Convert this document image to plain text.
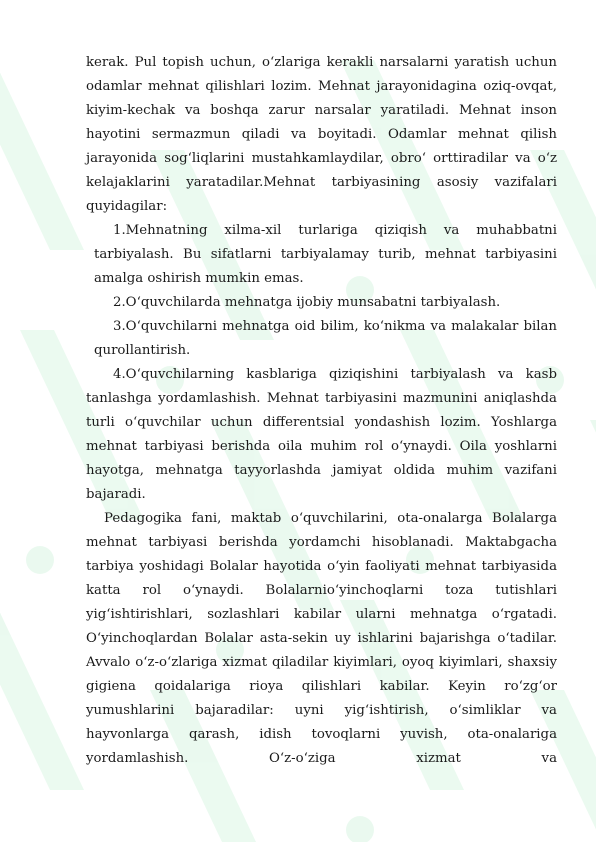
kerak. Pul topish uchun, o‘zlariga kerakli narsalarni yaratish uchun odamlar mehnat qilishlari lozim. Mehnat jarayonidagina oziq-ovqat, kiyim-kechak va boshqa zarur narsalar yaratiladi. Mehnat inson hayotini sermazmun qiladi va boyitadi. Odamlar mehnat qilish jarayonida sog‘liqlarini mustahkamlaydilar, obro‘ orttiradilar va o‘z kelajaklarini yaratadilar.Mehnat tarbiyasining asosiy vazifalari quyidagilar:

1.Mehnatning xilma-xil turlariga qiziqish va muhabbatni tarbiyalash. Bu sifatlarni tarbiyalamay turib, mehnat tarbiyasini amalga oshirish mumkin emas.

2.O‘quvchilarda mehnatga ijobiy munsabatni tarbiyalash.

3.O‘quvchilarni mehnatga oid bilim, ko‘nikma va malakalar bilan qurollantirish.

4.O‘quvchilarning kasblariga qiziqishini tarbiyalash va kasb tanlashga yordamlashish. Mehnat tarbiyasini mazmunini aniqlashda turli o‘quvchilar uchun differentsial yondashish lozim. Yoshlarga mehnat tarbiyasi berishda oila muhim rol o‘ynaydi. Oila yoshlarni hayotga, mehnatga tayyorlashda jamiyat oldida muhim vazifani bajaradi.

Pedagogika fani, maktab o‘quvchilarini, ota-onalarga Bolalarga mehnat tarbiyasi berishda yordamchi hisoblanadi. Maktabgacha tarbiya yoshidagi Bolalar hayotida o‘yin faoliyati mehnat tarbiyasida katta rol o‘ynaydi. Bolalarnio‘yinchoqlarni toza tutishlari yig‘ishtirishlari, sozlashlari kabilar ularni mehnatga o‘rgatadi. O‘yinchoqlardan Bolalar asta-sekin uy ishlarini bajarishga o‘tadilar. Avvalo o‘z-o‘zlariga xizmat qiladilar kiyimlari, oyoq kiyimlari, shaxsiy gigiena qoidalariga rioya qilishlari kabilar. Keyin ro‘zg‘or yumushlarini bajaradilar: uyni yig‘ishtirish, o‘simliklar va hayvonlarga qarash, idish tovoqlarni yuvish, ota-onalariga yordamlashish. O‘z-o‘ziga xizmat va
